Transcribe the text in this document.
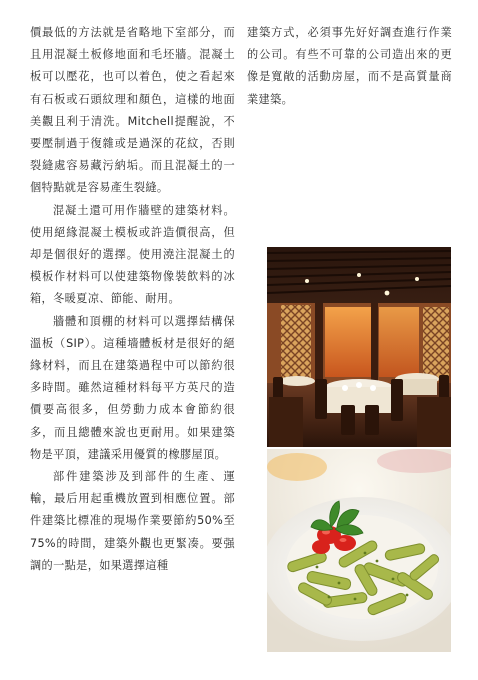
價最低的方法就是省略地下室部分，而且用混凝土板修地面和毛坯牆。混凝土板可以壓花，也可以着色，使之看起來有石板或石頭紋理和顏色，這樣的地面美觀且利于清洗。Mitchell提醒說，不要壓制過于復雜或是過深的花紋，否則裂縫處容易藏污納垢。而且混凝土的一個特點就是容易產生裂縫。

混凝土還可用作牆壁的建築材料。使用絕緣混凝土模板或許造價很高，但却是個很好的選擇。使用澆注混凝土的模板作材料可以使建築物像裝飲料的冰箱，冬暖夏凉、節能、耐用。

牆體和頂棚的材料可以選擇結構保溫板（SIP）。這種墻體板材是很好的絕緣材料，而且在建築過程中可以節約很多時間。雖然這種材料每平方英尺的造價要高很多，但勞動力成本會節約很多，而且總體來說也更耐用。如果建築物是平頂，建議采用優質的橡膠屋頂。

部件建築涉及到部件的生產、運輸，最后用起重機放置到相應位置。部件建築比標准的現場作業要節約50%至75%的時間，建築外觀也更緊凑。要强調的一點是，如果選擇這種

建築方式，必須事先好好調查進行作業的公司。有些不可靠的公司造出來的更像是寬敞的活動房屋，而不是高質量商業建築。
